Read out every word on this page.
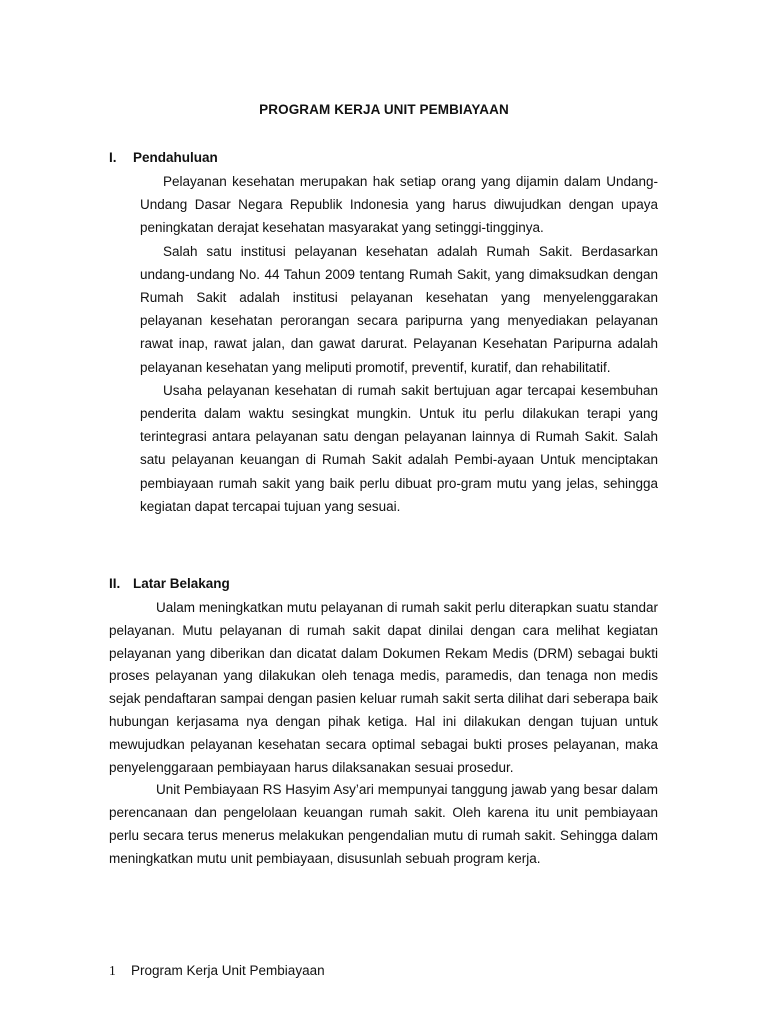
PROGRAM KERJA UNIT PEMBIAYAAN
I. Pendahuluan

Pelayanan kesehatan merupakan hak setiap orang yang dijamin dalam Undang-Undang Dasar Negara Republik Indonesia yang harus diwujudkan dengan upaya peningkatan derajat kesehatan masyarakat yang setinggi-tingginya.

Salah satu institusi pelayanan kesehatan adalah Rumah Sakit. Berdasarkan undang-undang No. 44 Tahun 2009 tentang Rumah Sakit, yang dimaksudkan dengan Rumah Sakit adalah institusi pelayanan kesehatan yang menyelenggarakan pelayanan kesehatan perorangan secara paripurna yang menyediakan pelayanan rawat inap, rawat jalan, dan gawat darurat. Pelayanan Kesehatan Paripurna adalah pelayanan kesehatan yang meliputi promotif, preventif, kuratif, dan rehabilitatif.

Usaha pelayanan kesehatan di rumah sakit bertujuan agar tercapai kesembuhan penderita dalam waktu sesingkat mungkin. Untuk itu perlu dilakukan terapi yang terintegrasi antara pelayanan satu dengan pelayanan lainnya di Rumah Sakit. Salah satu pelayanan keuangan di Rumah Sakit adalah Pembi-ayaan Untuk menciptakan pembiayaan rumah sakit yang baik perlu dibuat pro-gram mutu yang jelas, sehingga kegiatan dapat tercapai tujuan yang sesuai.

II. Latar Belakang

Ualam meningkatkan mutu pelayanan di rumah sakit perlu diterapkan suatu standar pelayanan. Mutu pelayanan di rumah sakit dapat dinilai dengan cara melihat kegiatan pelayanan yang diberikan dan dicatat dalam Dokumen Rekam Medis (DRM) sebagai bukti proses pelayanan yang dilakukan oleh tenaga medis, paramedis, dan tenaga non medis sejak pendaftaran sampai dengan pasien keluar rumah sakit serta dilihat dari seberapa baik hubungan kerjasama nya dengan pihak ketiga. Hal ini dilakukan dengan tujuan untuk mewujudkan pelayanan kesehatan secara optimal sebagai bukti proses pelayanan, maka penyelenggaraan pembiayaan harus dilaksanakan sesuai prosedur.

Unit Pembiayaan RS Hasyim Asy’ari mempunyai tanggung jawab yang besar dalam perencanaan dan pengelolaan keuangan rumah sakit. Oleh karena itu unit pembiayaan perlu secara terus menerus melakukan pengendalian mutu di rumah sakit. Sehingga dalam meningkatkan mutu unit pembiayaan, disusunlah sebuah program kerja.

1 Program Kerja Unit Pembiayaan
